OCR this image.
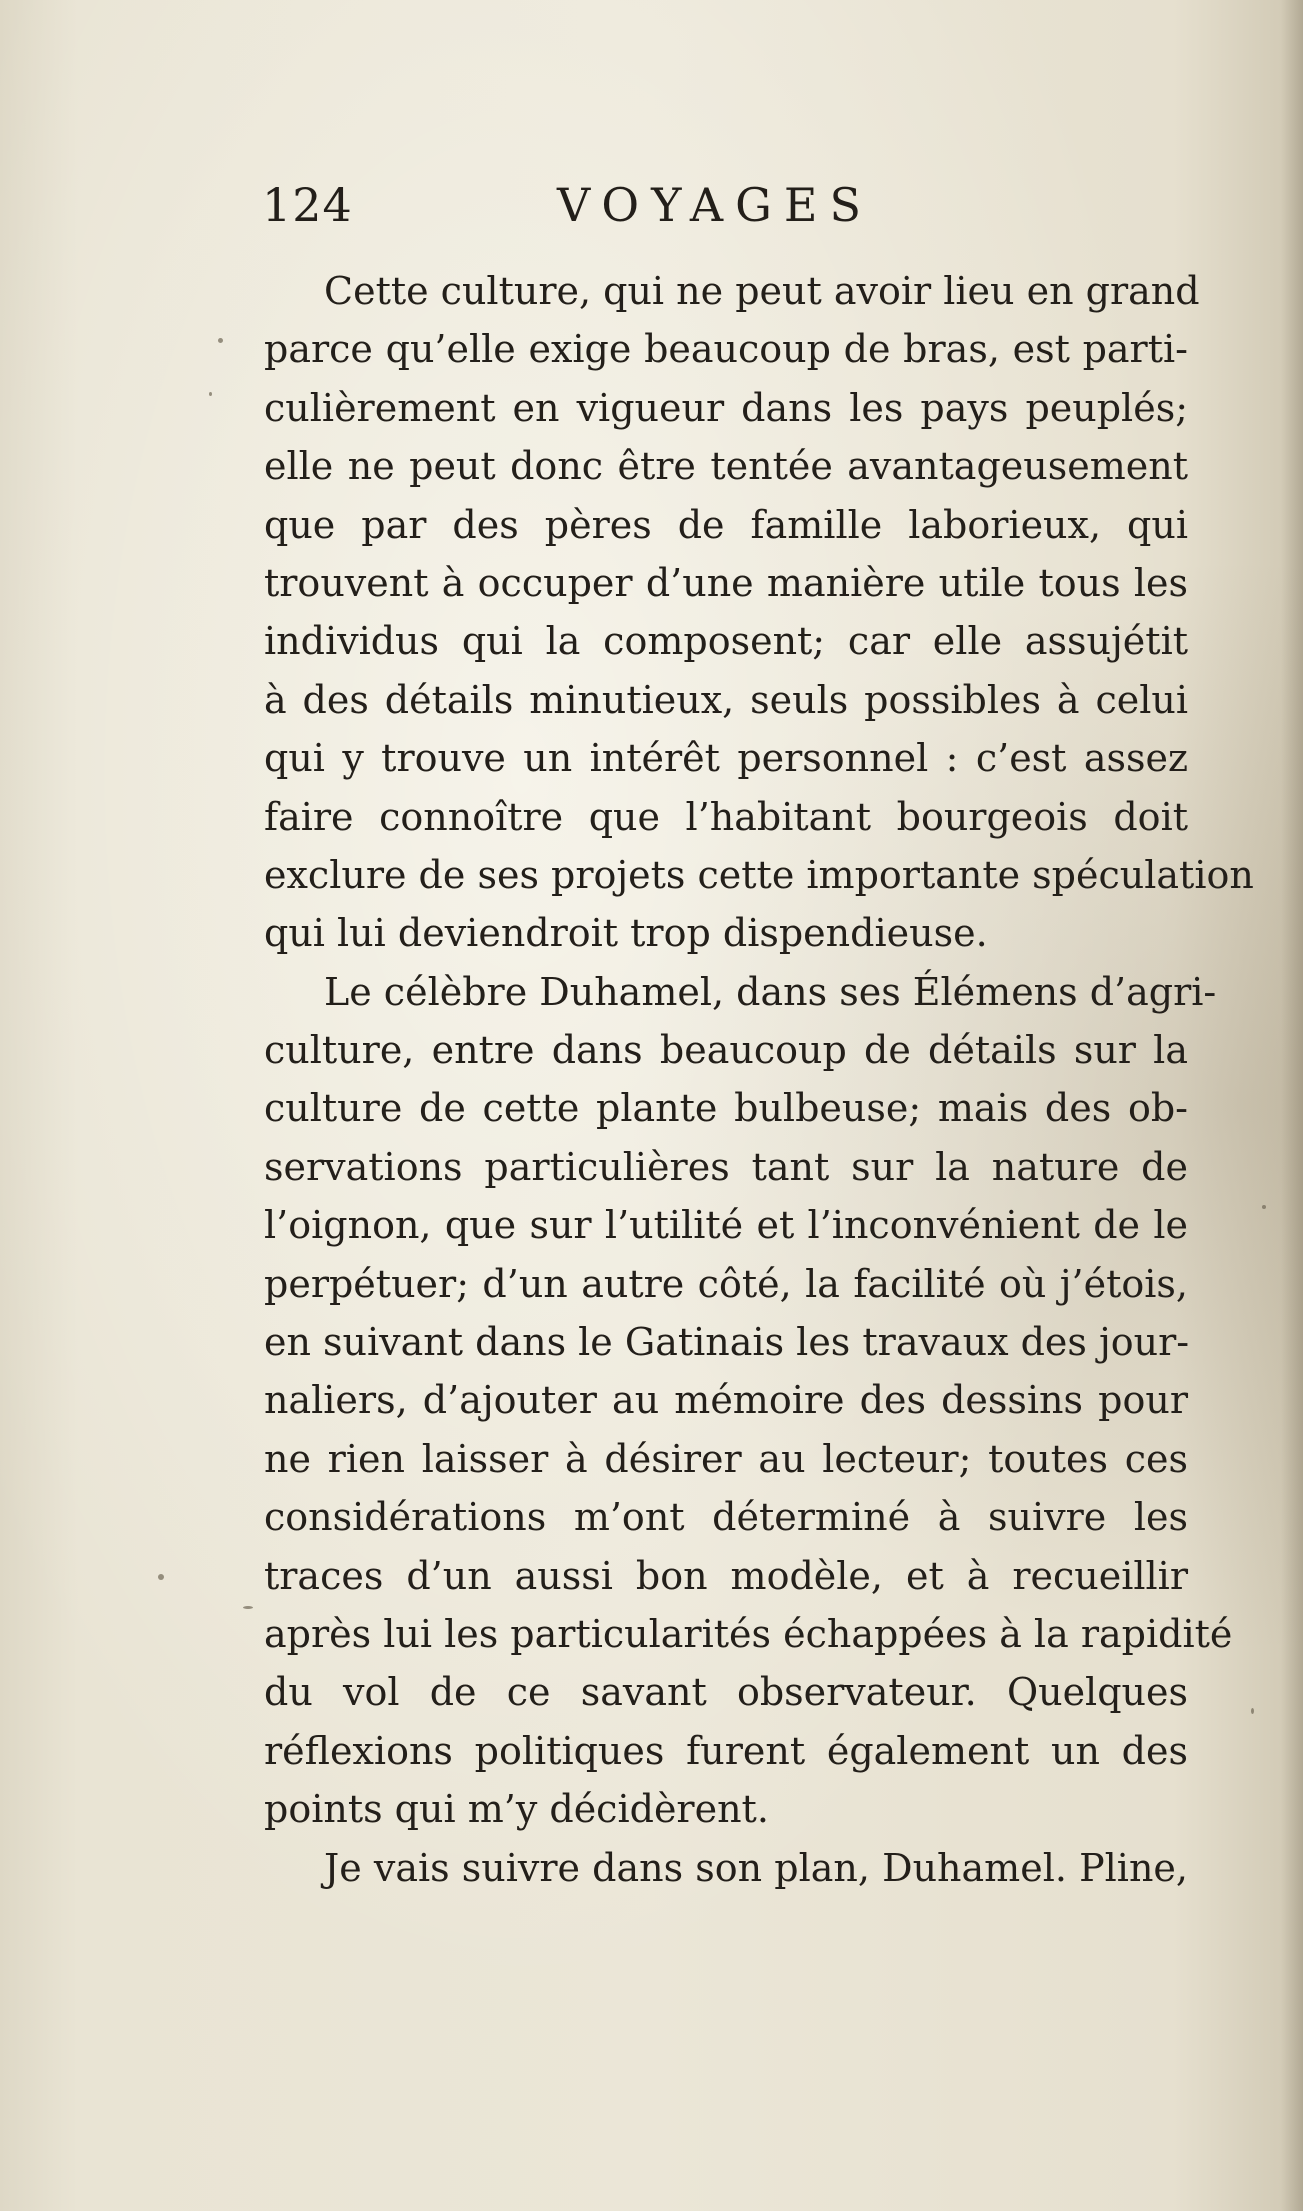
124	VOYAGES
Cette culture, qui ne peut avoir lieu en grand
parce qu’elle exige beaucoup de bras, est parti-
culièrement en vigueur dans les pays peuplés;
elle ne peut donc être tentée avantageusement
que par des pères de famille laborieux, qui
trouvent à occuper d’une manière utile tous les
individus qui la composent; car elle assujétit
à des détails minutieux, seuls possibles à celui
qui y trouve un intérêt personnel : c’est assez
faire connoître que l’habitant bourgeois doit
exclure de ses projets cette importante spéculation
qui lui deviendroit trop dispendieuse.
Le célèbre Duhamel, dans ses Élémens d’agri-
culture, entre dans beaucoup de détails sur la
culture de cette plante bulbeuse; mais des ob-
servations particulières tant sur la nature de
l’oignon, que sur l’utilité et l’inconvénient de le
perpétuer; d’un autre côté, la facilité où j’étois,
en suivant dans le Gatinais les travaux des jour-
naliers, d’ajouter au mémoire des dessins pour
ne rien laisser à désirer au lecteur; toutes ces
considérations m’ont déterminé à suivre les
traces d’un aussi bon modèle, et à recueillir
après lui les particularités échappées à la rapidité
du vol de ce savant observateur. Quelques
réflexions politiques furent également un des
points qui m’y décidèrent.
Je vais suivre dans son plan, Duhamel. Pline,
